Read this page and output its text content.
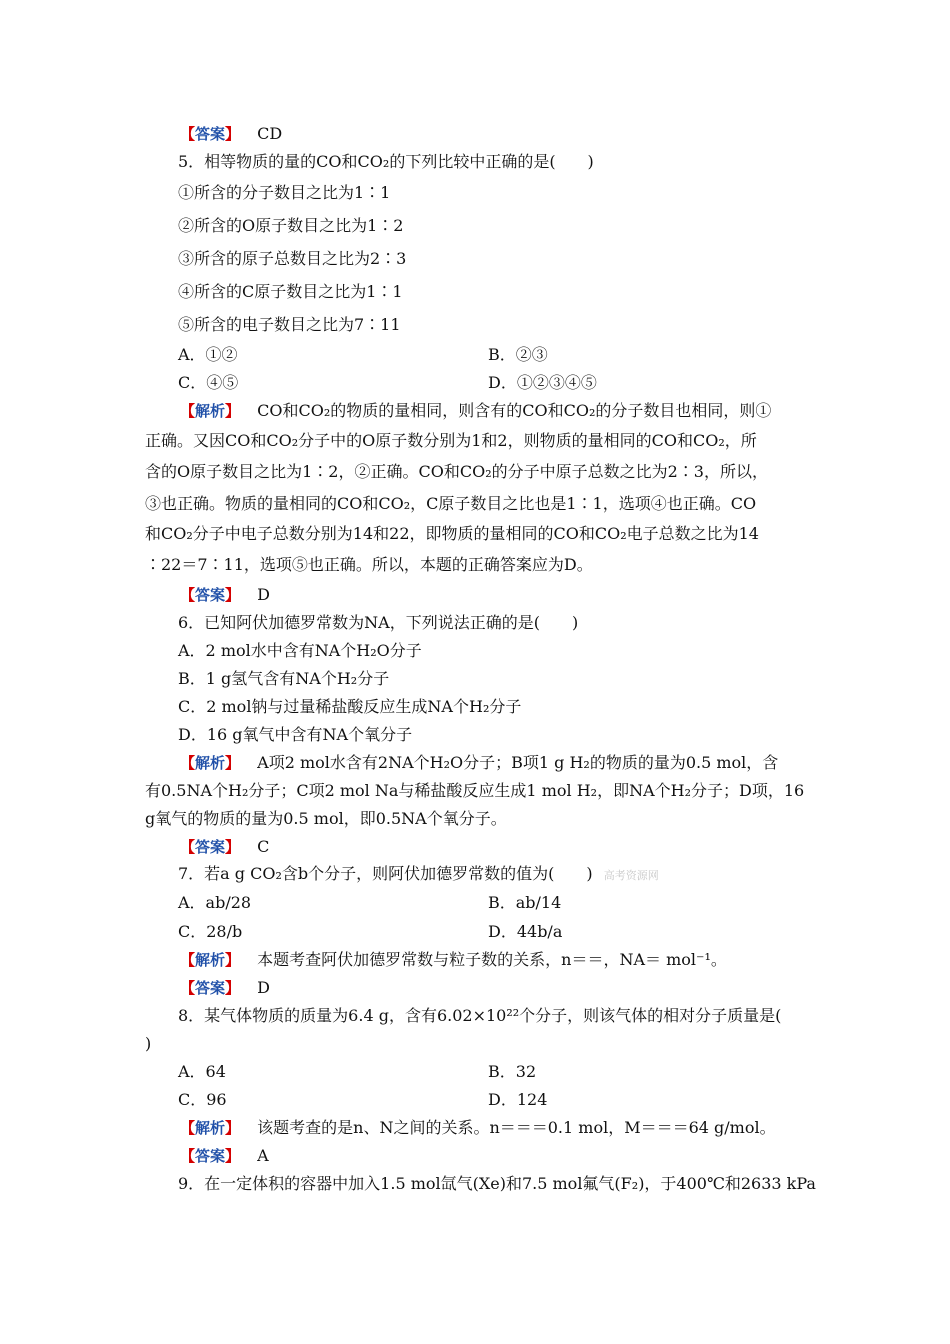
【答案】 CD
5．相等物质的量的CO和CO₂的下列比较中正确的是(　　)
①所含的分子数目之比为1∶1
②所含的O原子数目之比为1∶2
③所含的原子总数目之比为2∶3
④所含的C原子数目之比为1∶1
⑤所含的电子数目之比为7∶11
A．①②	B．②③
C．④⑤	D．①②③④⑤
【解析】 CO和CO₂的物质的量相同，则含有的CO和CO₂的分子数目也相同，则①
正确。又因CO和CO₂分子中的O原子数分别为1和2，则物质的量相同的CO和CO₂，所
含的O原子数目之比为1∶2，②正确。CO和CO₂的分子中原子总数之比为2∶3，所以，
③也正确。物质的量相同的CO和CO₂，C原子数目之比也是1∶1，选项④也正确。CO
和CO₂分子中电子总数分别为14和22，即物质的量相同的CO和CO₂电子总数之比为14
∶22＝7∶11，选项⑤也正确。所以，本题的正确答案应为D。
【答案】 D
6．已知阿伏加德罗常数为NA，下列说法正确的是(　　)
A．2 mol水中含有NA个H₂O分子
B．1 g氢气含有NA个H₂分子
C．2 mol钠与过量稀盐酸反应生成NA个H₂分子
D．16 g氧气中含有NA个氧分子
【解析】 A项2 mol水含有2NA个H₂O分子；B项1 g H₂的物质的量为0.5 mol，含
有0.5NA个H₂分子；C项2 mol Na与稀盐酸反应生成1 mol H₂，即NA个H₂分子；D项，16
g氧气的物质的量为0.5 mol，即0.5NA个氧分子。
【答案】 C
7．若a g CO₂含b个分子，则阿伏加德罗常数的值为(　　) 高考资源网
A．ab/28	B．ab/14
C．28/b	D．44b/a
【解析】 本题考查阿伏加德罗常数与粒子数的关系，n＝＝，NA＝ mol⁻¹。
【答案】 D
8．某气体物质的质量为6.4 g，含有6.02×10²²个分子，则该气体的相对分子质量是(
)
A．64	B．32
C．96	D．124
【解析】 该题考查的是n、N之间的关系。n＝＝＝0.1 mol，M＝＝＝64 g/mol。
【答案】 A
9．在一定体积的容器中加入1.5 mol氙气(Xe)和7.5 mol氟气(F₂)，于400℃和2633 kPa
